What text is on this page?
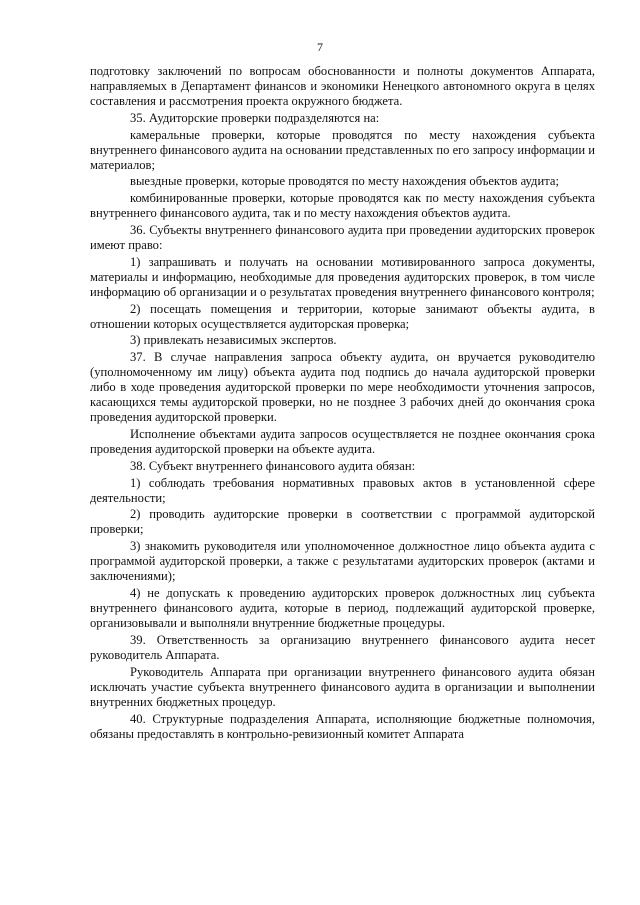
7

подготовку заключений по вопросам обоснованности и полноты документов Аппарата, направляемых в Департамент финансов и экономики Ненецкого автономного округа в целях составления и рассмотрения проекта окружного бюджета.

35. Аудиторские проверки подразделяются на:

камеральные проверки, которые проводятся по месту нахождения субъекта внутреннего финансового аудита на основании представленных по его запросу информации и материалов;

выездные проверки, которые проводятся по месту нахождения объектов аудита;

комбинированные проверки, которые проводятся как по месту нахождения субъекта внутреннего финансового аудита, так и по месту нахождения объектов аудита.

36. Субъекты внутреннего финансового аудита при проведении аудиторских проверок имеют право:

1) запрашивать и получать на основании мотивированного запроса документы, материалы и информацию, необходимые для проведения аудиторских проверок, в том числе информацию об организации и о результатах проведения внутреннего финансового контроля;

2) посещать помещения и территории, которые занимают объекты аудита, в отношении которых осуществляется аудиторская проверка;

3) привлекать независимых экспертов.

37. В случае направления запроса объекту аудита, он вручается руководителю (уполномоченному им лицу) объекта аудита под подпись до начала аудиторской проверки либо в ходе проведения аудиторской проверки по мере необходимости уточнения запросов, касающихся темы аудиторской проверки, но не позднее 3 рабочих дней до окончания срока проведения аудиторской проверки.

Исполнение объектами аудита запросов осуществляется не позднее окончания срока проведения аудиторской проверки на объекте аудита.

38. Субъект внутреннего финансового аудита обязан:

1) соблюдать требования нормативных правовых актов в установленной сфере деятельности;

2) проводить аудиторские проверки в соответствии с программой аудиторской проверки;

3) знакомить руководителя или уполномоченное должностное лицо объекта аудита с программой аудиторской проверки, а также с результатами аудиторских проверок (актами и заключениями);

4) не допускать к проведению аудиторских проверок должностных лиц субъекта внутреннего финансового аудита, которые в период, подлежащий аудиторской проверке, организовывали и выполняли внутренние бюджетные процедуры.

39. Ответственность за организацию внутреннего финансового аудита несет руководитель Аппарата.

Руководитель Аппарата при организации внутреннего финансового аудита обязан исключать участие субъекта внутреннего финансового аудита в организации и выполнении внутренних бюджетных процедур.

40. Структурные подразделения Аппарата, исполняющие бюджетные полномочия, обязаны предоставлять в контрольно-ревизионный комитет Аппарата
